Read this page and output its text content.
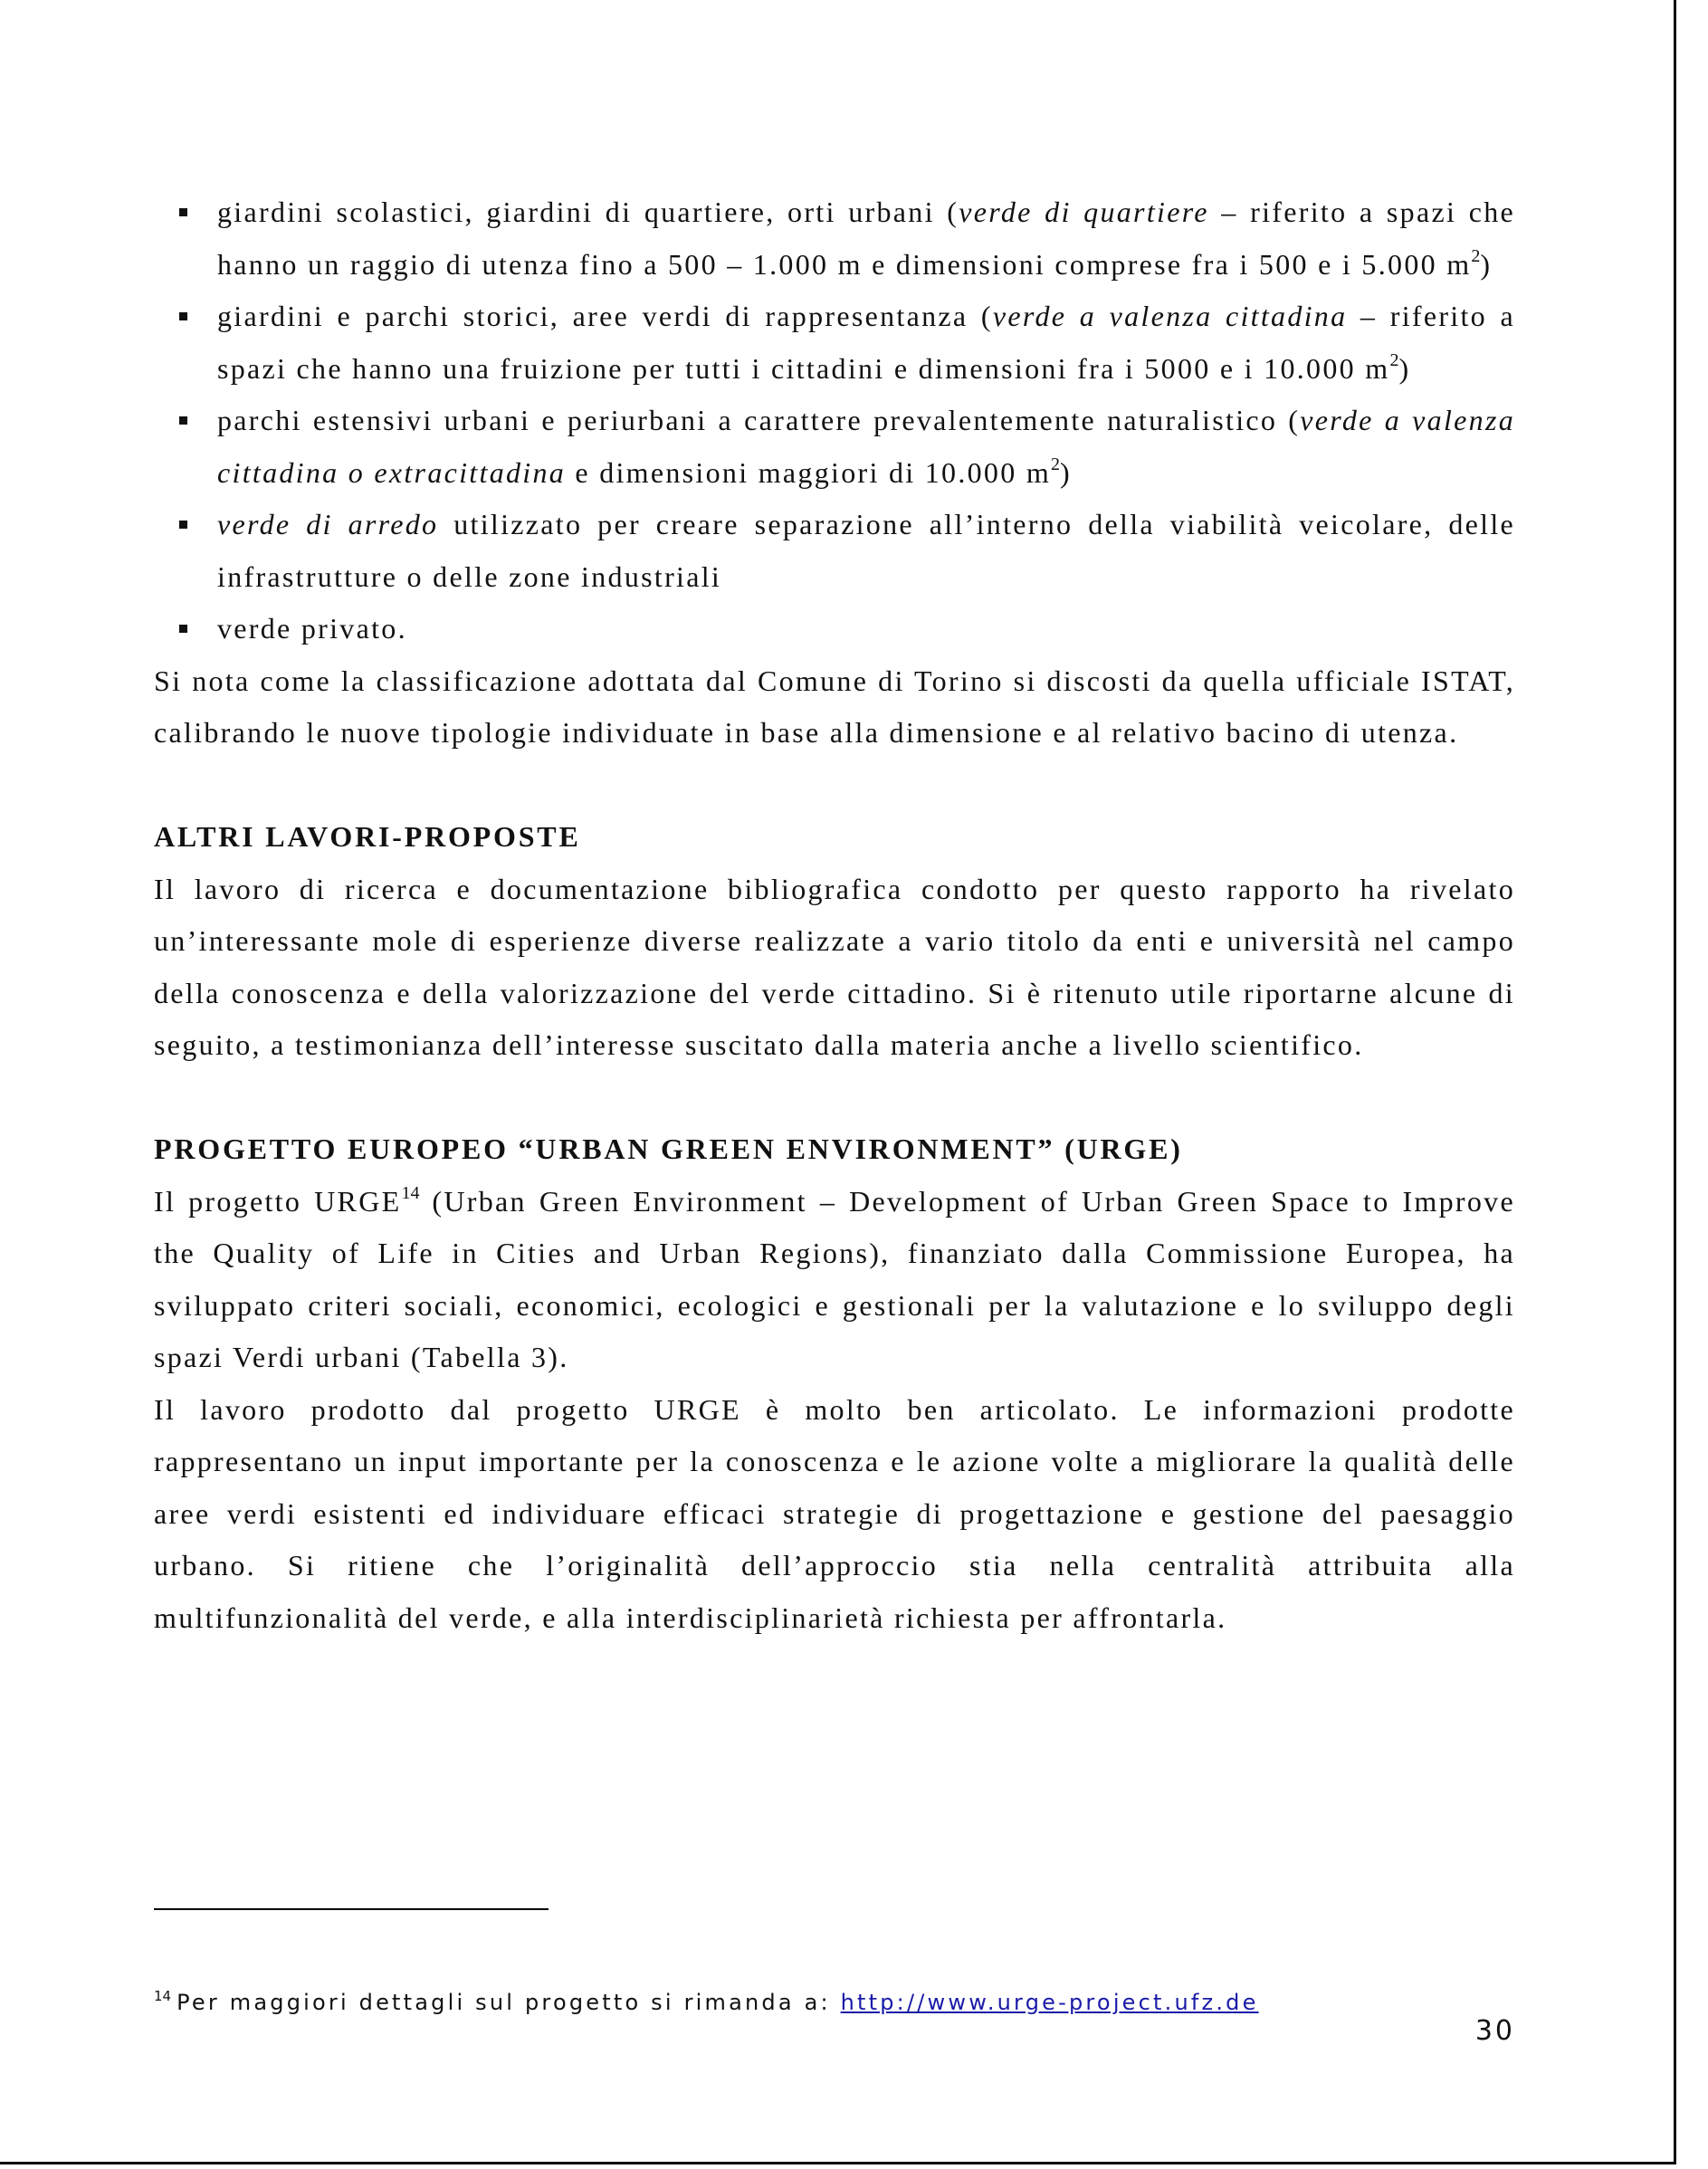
giardini scolastici, giardini di quartiere, orti urbani (verde di quartiere – riferito a spazi che hanno un raggio di utenza fino a 500 – 1.000 m e dimensioni comprese fra i 500 e i 5.000 $m^2$)
giardini e parchi storici, aree verdi di rappresentanza (verde a valenza cittadina – riferito a spazi che hanno una fruizione per tutti i cittadini e dimensioni fra i 5000 e i 10.000 $m^2$)
parchi estensivi urbani e periurbani a carattere prevalentemente naturalistico (verde a valenza cittadina o extracittadina e dimensioni maggiori di 10.000 $m^2$)
verde di arredo utilizzato per creare separazione all’interno della viabilità veicolare, delle infrastrutture o delle zone industriali
verde privato.

Si nota come la classificazione adottata dal Comune di Torino si discosti da quella ufficiale ISTAT, calibrando le nuove tipologie individuate in base alla dimensione e al relativo bacino di utenza.

ALTRI LAVORI-PROPOSTE

Il lavoro di ricerca e documentazione bibliografica condotto per questo rapporto ha rivelato un’interessante mole di esperienze diverse realizzate a vario titolo da enti e università nel campo della conoscenza e della valorizzazione del verde cittadino. Si è ritenuto utile riportarne alcune di seguito, a testimonianza dell’interesse suscitato dalla materia anche a livello scientifico.

PROGETTO EUROPEO “URBAN GREEN ENVIRONMENT” (URGE)

Il progetto URGE$^{14}$ (Urban Green Environment – Development of Urban Green Space to Improve the Quality of Life in Cities and Urban Regions), finanziato dalla Commissione Europea, ha sviluppato criteri sociali, economici, ecologici e gestionali per la valutazione e lo sviluppo degli spazi Verdi urbani (Tabella 3).

Il lavoro prodotto dal progetto URGE è molto ben articolato. Le informazioni prodotte rappresentano un input importante per la conoscenza e le azione volte a migliorare la qualità delle aree verdi esistenti ed individuare efficaci strategie di progettazione e gestione del paesaggio urbano. Si ritiene che l’originalità dell’approccio stia nella centralità attribuita alla multifunzionalità del verde, e alla interdisciplinarietà richiesta per affrontarla.

$^{14}$ Per maggiori dettagli sul progetto si rimanda a: http://www.urge-project.ufz.de
30
